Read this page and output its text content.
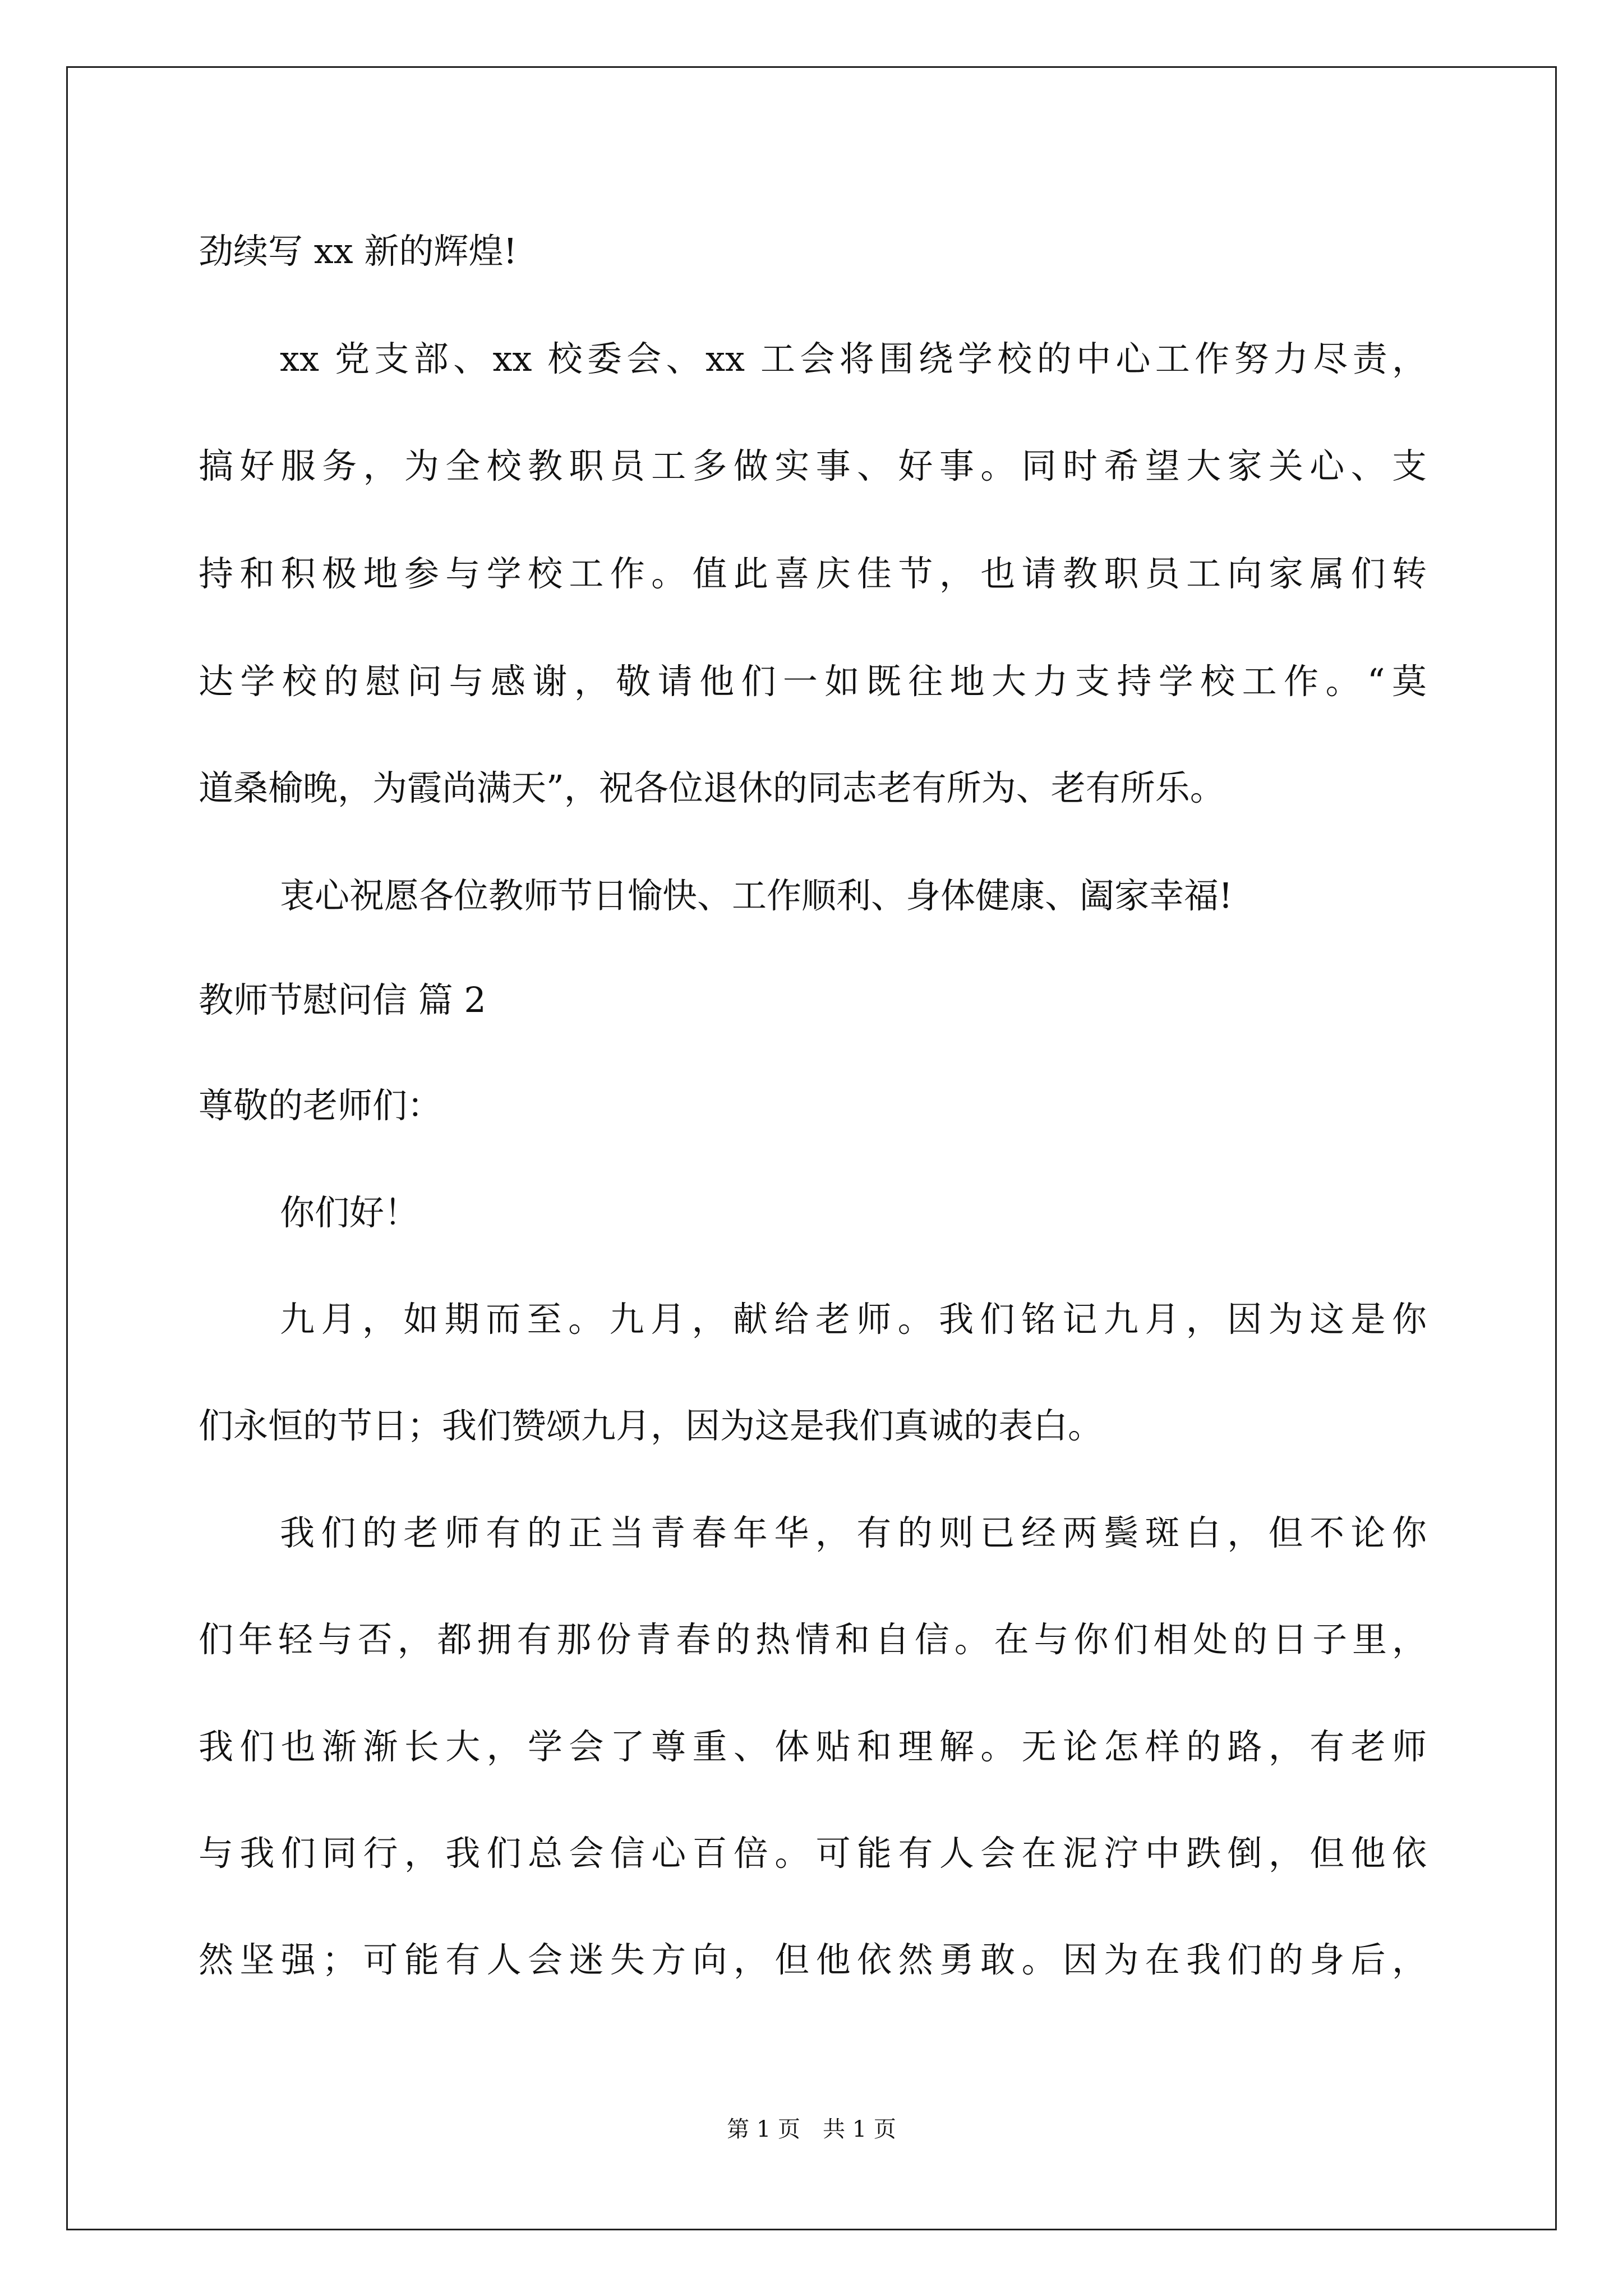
劲续写 xx 新的辉煌!
xx 党支部、xx 校委会、xx 工会将围绕学校的中心工作努力尽责，
搞好服务，为全校教职员工多做实事、好事。同时希望大家关心、支
持和积极地参与学校工作。值此喜庆佳节，也请教职员工向家属们转
达学校的慰问与感谢，敬请他们一如既往地大力支持学校工作。“莫
道桑榆晚，为霞尚满天”，祝各位退休的同志老有所为、老有所乐。
衷心祝愿各位教师节日愉快、工作顺利、身体健康、阖家幸福!
教师节慰问信 篇 2
尊敬的老师们：
你们好！
九月，如期而至。九月，献给老师。我们铭记九月，因为这是你
们永恒的节日；我们赞颂九月，因为这是我们真诚的表白。
我们的老师有的正当青春年华，有的则已经两鬓斑白，但不论你
们年轻与否，都拥有那份青春的热情和自信。在与你们相处的日子里，
我们也渐渐长大，学会了尊重、体贴和理解。无论怎样的路，有老师
与我们同行，我们总会信心百倍。可能有人会在泥泞中跌倒，但他依
然坚强；可能有人会迷失方向，但他依然勇敢。因为在我们的身后，
第 1 页 共 1 页
